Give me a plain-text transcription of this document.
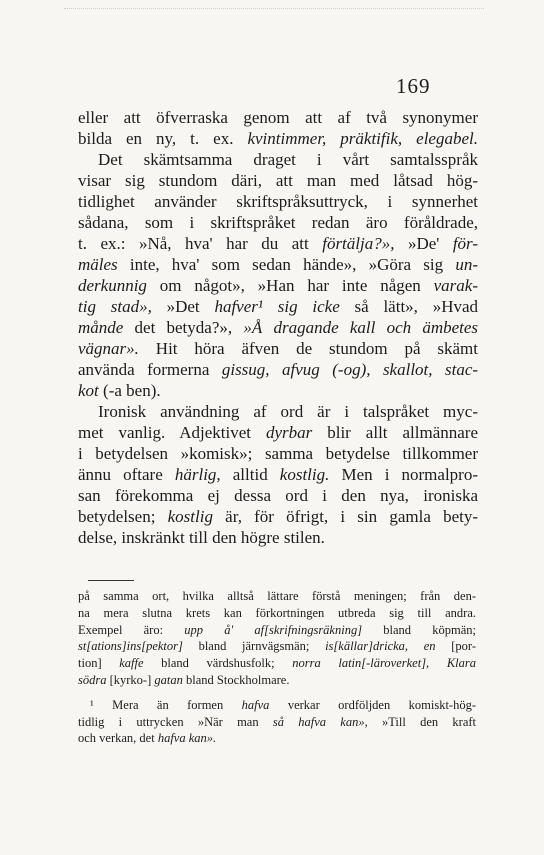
169
eller att öfverraska genom att af två synonymer
bilda en ny, t. ex. kvintimmer, präktifik, elegabel.
Det skämtsamma draget i vårt samtalsspråk
visar sig stundom däri, att man med låtsad hög-
tidlighet använder skriftspråksuttryck, i synnerhet
sådana, som i skriftspråket redan äro föråldrade,
t. ex.: »Nå, hva' har du att förtälja?», »De' för-
mäles inte, hva' som sedan hände», »Göra sig un-
derkunnig om något», »Han har inte någen varak-
tig stad», »Det hafver¹ sig icke så lätt», »Hvad
månde det betyda?», »Å dragande kall och ämbetes
vägnar». Hit höra äfven de stundom på skämt
använda formerna gissug, afvug (-og), skallot, stac-
kot (-a ben).
Ironisk användning af ord är i talspråket myc-
met vanlig. Adjektivet dyrbar blir allt allmännare
i betydelsen »komisk»; samma betydelse tillkommer
ännu oftare härlig, alltid kostlig. Men i normalpro-
san förekomma ej dessa ord i den nya, ironiska
betydelsen; kostlig är, för öfrigt, i sin gamla bety-
delse, inskränkt till den högre stilen.
på samma ort, hvilka alltså lättare förstå meningen; från den-
na mera slutna krets kan förkortningen utbreda sig till andra.
Exempel äro: upp å' af[skrifningsräkning] bland köpmän;
st[ations]ins[pektor] bland järnvägsmän; is[källar]dricka, en [por-
tion] kaffe bland värdshusfolk; norra latin[-läroverket], Klara
södra [kyrko-] gatan bland Stockholmare.
¹ Mera än formen hafva verkar ordföljden komiskt-hög-
tidlig i uttrycken »När man så hafva kan», »Till den kraft
och verkan, det hafva kan».
